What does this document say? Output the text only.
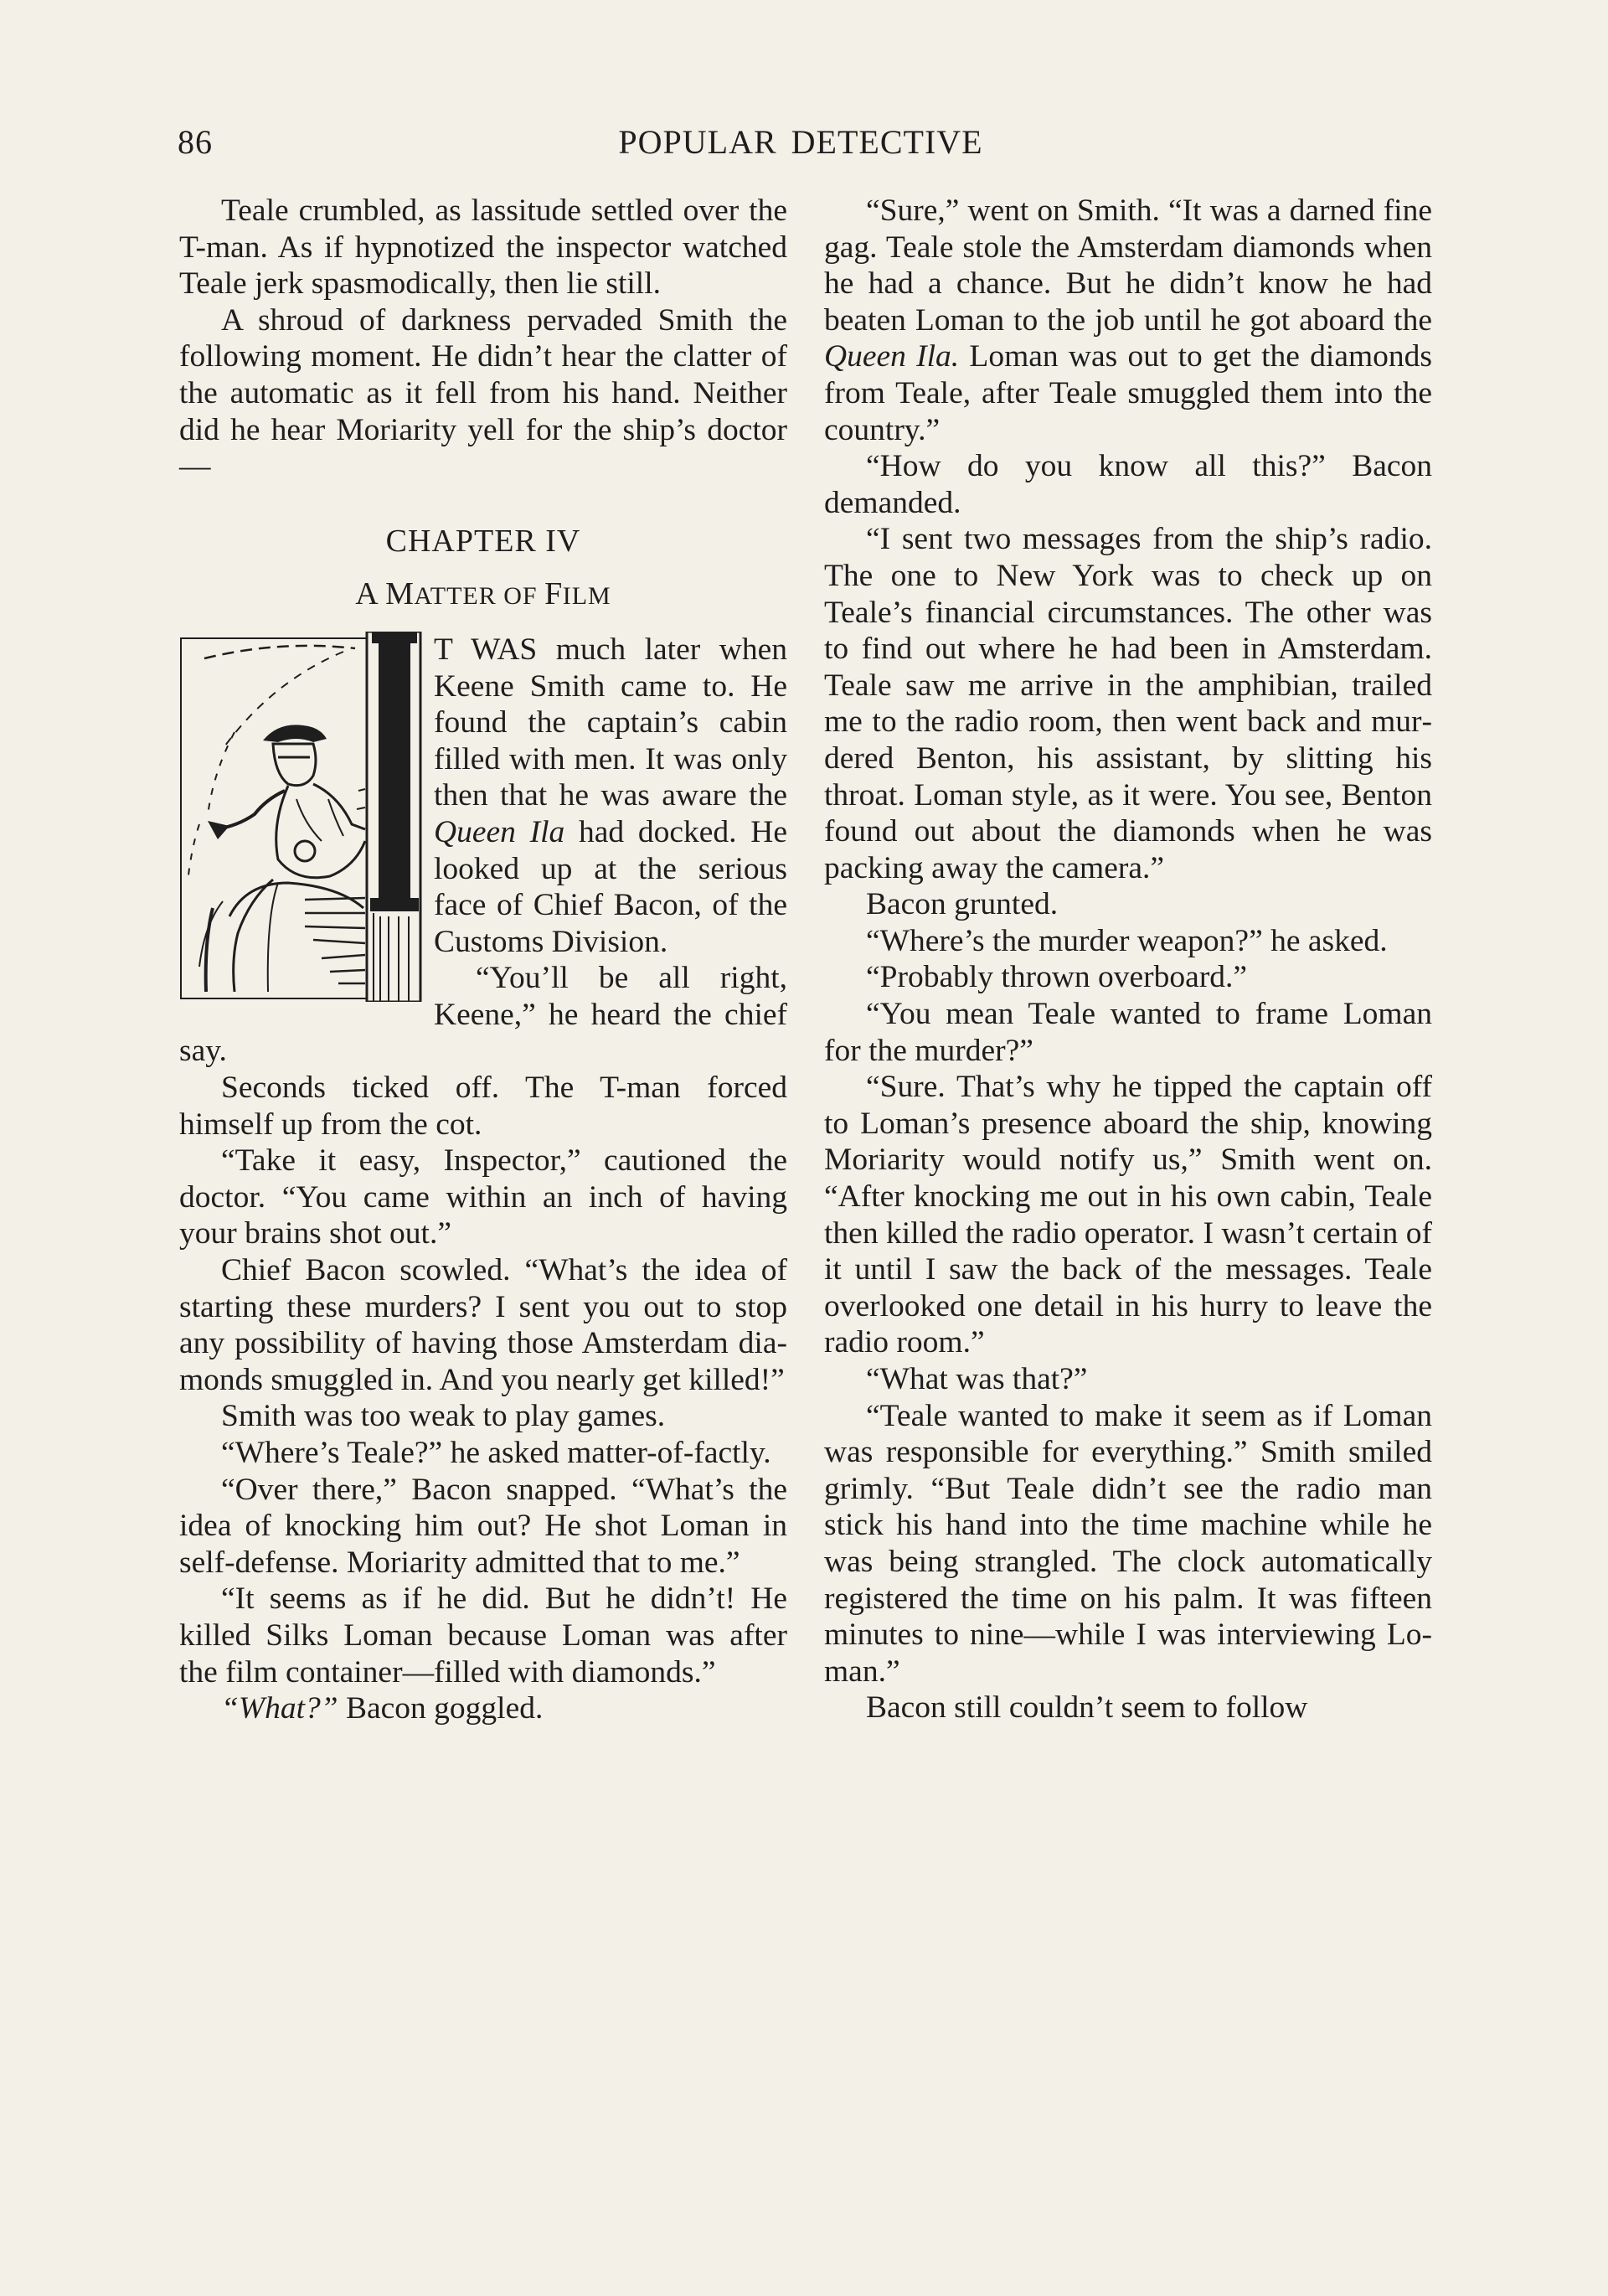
86	POPULAR DETECTIVE

Teale crumbled, as lassitude settled over the T-man. As if hypnotized the inspector watched Teale jerk spasmodically, then lie still.

A shroud of darkness pervaded Smith the following moment. He didn’t hear the clatter of the automatic as it fell from his hand. Neither did he hear Moriarity yell for the ship’s doctor—

CHAPTER IV
A MATTER OF FILM

T WAS much later when Keene Smith came to. He found the captain’s cabin filled with men. It was only then that he was aware the Queen Ila had docked. He looked up at the serious face of Chief Bacon, of the Customs Division.

“You’ll be all right, Keene,” he heard the chief say.

Seconds ticked off. The T-man forced himself up from the cot.

“Take it easy, Inspector,” cautioned the doctor. “You came within an inch of having your brains shot out.”

Chief Bacon scowled. “What’s the idea of starting these murders? I sent you out to stop any possibility of having those Amsterdam diamonds smuggled in. And you nearly get killed!”

Smith was too weak to play games.

“Where’s Teale?” he asked matter-of-factly.

“Over there,” Bacon snapped. “What’s the idea of knocking him out? He shot Loman in self-defense. Moriarity admitted that to me.”

“It seems as if he did. But he didn’t! He killed Silks Loman because Loman was after the film container—filled with diamonds.”

“What?” Bacon goggled.

“Sure,” went on Smith. “It was a darned fine gag. Teale stole the Amsterdam diamonds when he had a chance. But he didn’t know he had beaten Loman to the job until he got aboard the Queen Ila. Loman was out to get the diamonds from Teale, after Teale smuggled them into the country.”

“How do you know all this?” Bacon demanded.

“I sent two messages from the ship’s radio. The one to New York was to check up on Teale’s financial circumstances. The other was to find out where he had been in Amsterdam. Teale saw me arrive in the amphibian, trailed me to the radio room, then went back and murdered Benton, his assistant, by slitting his throat. Loman style, as it were. You see, Benton found out about the diamonds when he was packing away the camera.”

Bacon grunted.

“Where’s the murder weapon?” he asked.

“Probably thrown overboard.”

“You mean Teale wanted to frame Loman for the murder?”

“Sure. That’s why he tipped the captain off to Loman’s presence aboard the ship, knowing Moriarity would notify us,” Smith went on. “After knocking me out in his own cabin, Teale then killed the radio operator. I wasn’t certain of it until I saw the back of the messages. Teale overlooked one detail in his hurry to leave the radio room.”

“What was that?”

“Teale wanted to make it seem as if Loman was responsible for everything.” Smith smiled grimly. “But Teale didn’t see the radio man stick his hand into the time machine while he was being strangled. The clock automatically registered the time on his palm. It was fifteen minutes to nine—while I was interviewing Loman.”

Bacon still couldn’t seem to follow
